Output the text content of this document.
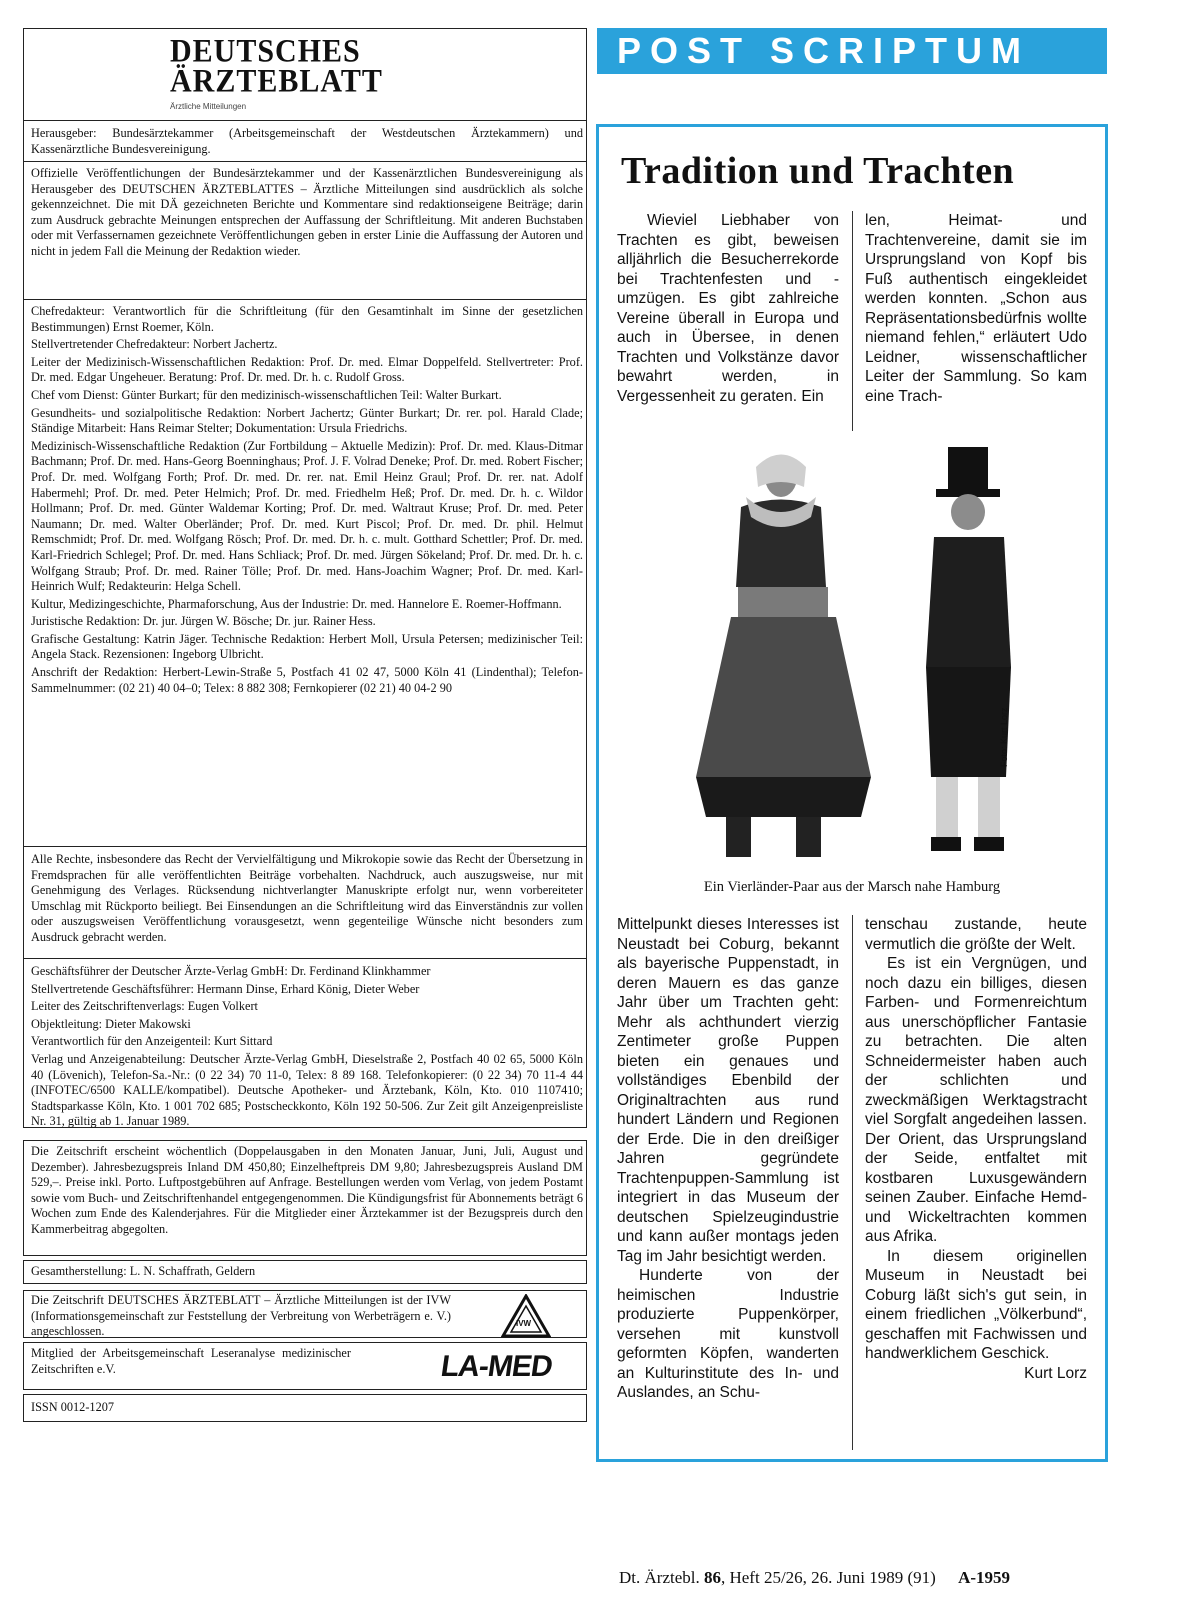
DEUTSCHES
ÄRZTEBLATT
Ärztliche Mitteilungen
Herausgeber: Bundesärztekammer (Arbeitsgemeinschaft der Westdeutschen Ärztekammern) und Kassenärztliche Bundesvereinigung.
Offizielle Veröffentlichungen der Bundesärztekammer und der Kassenärztlichen Bundesvereinigung als Herausgeber des DEUTSCHEN ÄRZTEBLATTES – Ärztliche Mitteilungen sind ausdrücklich als solche gekennzeichnet. Die mit DÄ gezeichneten Berichte und Kommentare sind redaktionseigene Beiträge; darin zum Ausdruck gebrachte Meinungen entsprechen der Auffassung der Schriftleitung. Mit anderen Buchstaben oder mit Verfassernamen gezeichnete Veröffentlichungen geben in erster Linie die Auffassung der Autoren und nicht in jedem Fall die Meinung der Redaktion wieder.

Chefredakteur: Verantwortlich für die Schriftleitung (für den Gesamtinhalt im Sinne der gesetzlichen Bestimmungen) Ernst Roemer, Köln.

Stellvertretender Chefredakteur: Norbert Jachertz.

Leiter der Medizinisch-Wissenschaftlichen Redaktion: Prof. Dr. med. Elmar Doppelfeld. Stellvertreter: Prof. Dr. med. Edgar Ungeheuer. Beratung: Prof. Dr. med. Dr. h. c. Rudolf Gross.

Chef vom Dienst: Günter Burkart; für den medizinisch-wissenschaftlichen Teil: Walter Burkart.

Gesundheits- und sozialpolitische Redaktion: Norbert Jachertz; Günter Burkart; Dr. rer. pol. Harald Clade; Ständige Mitarbeit: Hans Reimar Stelter; Dokumentation: Ursula Friedrichs.

Medizinisch-Wissenschaftliche Redaktion (Zur Fortbildung – Aktuelle Medizin): Prof. Dr. med. Klaus-Ditmar Bachmann; Prof. Dr. med. Hans-Georg Boenninghaus; Prof. J. F. Volrad Deneke; Prof. Dr. med. Robert Fischer; Prof. Dr. med. Wolfgang Forth; Prof. Dr. med. Dr. rer. nat. Emil Heinz Graul; Prof. Dr. rer. nat. Adolf Habermehl; Prof. Dr. med. Peter Helmich; Prof. Dr. med. Friedhelm Heß; Prof. Dr. med. Dr. h. c. Wildor Hollmann; Prof. Dr. med. Günter Waldemar Korting; Prof. Dr. med. Waltraut Kruse; Prof. Dr. med. Peter Naumann; Dr. med. Walter Oberländer; Prof. Dr. med. Kurt Piscol; Prof. Dr. med. Dr. phil. Helmut Remschmidt; Prof. Dr. med. Wolfgang Rösch; Prof. Dr. med. Dr. h. c. mult. Gotthard Schettler; Prof. Dr. med. Karl-Friedrich Schlegel; Prof. Dr. med. Hans Schliack; Prof. Dr. med. Jürgen Sökeland; Prof. Dr. med. Dr. h. c. Wolfgang Straub; Prof. Dr. med. Rainer Tölle; Prof. Dr. med. Hans-Joachim Wagner; Prof. Dr. med. Karl-Heinrich Wulf; Redakteurin: Helga Schell.

Kultur, Medizingeschichte, Pharmaforschung, Aus der Industrie: Dr. med. Hannelore E. Roemer-Hoffmann.

Juristische Redaktion: Dr. jur. Jürgen W. Bösche; Dr. jur. Rainer Hess.

Grafische Gestaltung: Katrin Jäger. Technische Redaktion: Herbert Moll, Ursula Petersen; medizinischer Teil: Angela Stack. Rezensionen: Ingeborg Ulbricht.

Anschrift der Redaktion: Herbert-Lewin-Straße 5, Postfach 41 02 47, 5000 Köln 41 (Lindenthal); Telefon-Sammelnummer: (02 21) 40 04–0; Telex: 8 882 308; Fernkopierer (02 21) 40 04-2 90

Alle Rechte, insbesondere das Recht der Vervielfältigung und Mikrokopie sowie das Recht der Übersetzung in Fremdsprachen für alle veröffentlichten Beiträge vorbehalten. Nachdruck, auch auszugsweise, nur mit Genehmigung des Verlages. Rücksendung nichtverlangter Manuskripte erfolgt nur, wenn vorbereiteter Umschlag mit Rückporto beiliegt. Bei Einsendungen an die Schriftleitung wird das Einverständnis zur vollen oder auszugsweisen Veröffentlichung vorausgesetzt, wenn gegenteilige Wünsche nicht besonders zum Ausdruck gebracht werden.

Geschäftsführer der Deutscher Ärzte-Verlag GmbH: Dr. Ferdinand Klinkhammer

Stellvertretende Geschäftsführer: Hermann Dinse, Erhard König, Dieter Weber

Leiter des Zeitschriftenverlags: Eugen Volkert

Objektleitung: Dieter Makowski

Verantwortlich für den Anzeigenteil: Kurt Sittard

Verlag und Anzeigenabteilung: Deutscher Ärzte-Verlag GmbH, Dieselstraße 2, Postfach 40 02 65, 5000 Köln 40 (Lövenich), Telefon-Sa.-Nr.: (0 22 34) 70 11-0, Telex: 8 89 168. Telefonkopierer: (0 22 34) 70 11-4 44 (INFOTEC/6500 KALLE/kompatibel). Deutsche Apotheker- und Ärztebank, Köln, Kto. 010 1107410; Stadtsparkasse Köln, Kto. 1 001 702 685; Postscheckkonto, Köln 192 50-506. Zur Zeit gilt Anzeigenpreisliste Nr. 31, gültig ab 1. Januar 1989.

Die Zeitschrift erscheint wöchentlich (Doppelausgaben in den Monaten Januar, Juni, Juli, August und Dezember). Jahresbezugspreis Inland DM 450,80; Einzelheftpreis DM 9,80; Jahresbezugspreis Ausland DM 529,–. Preise inkl. Porto. Luftpostgebühren auf Anfrage. Bestellungen werden vom Verlag, von jedem Postamt sowie vom Buch- und Zeitschriftenhandel entgegengenommen. Die Kündigungsfrist für Abonnements beträgt 6 Wochen zum Ende des Kalenderjahres. Für die Mitglieder einer Ärztekammer ist der Bezugspreis durch den Kammerbeitrag abgegolten.
Gesamtherstellung: L. N. Schaffrath, Geldern
Die Zeitschrift DEUTSCHES ÄRZTEBLATT – Ärztliche Mitteilungen ist der IVW (Informationsgemeinschaft zur Feststellung der Verbreitung von Werbeträgern e. V.) angeschlossen.
IVW
Mitglied der Arbeitsgemeinschaft Leseranalyse medizinischer Zeitschriften e.V.	LA-MED
ISSN 0012-1207
POST SCRIPTUM
Tradition und Trachten

Wieviel Liebhaber von Trachten es gibt, beweisen alljährlich die Besucherrekorde bei Trachtenfesten und -umzügen. Es gibt zahlreiche Vereine überall in Europa und auch in Übersee, in denen Trachten und Volkstänze davor bewahrt werden, in Vergessenheit zu geraten. Ein

len, Heimat- und Trachtenvereine, damit sie im Ursprungsland von Kopf bis Fuß authentisch eingekleidet werden konnten. „Schon aus Repräsentationsbedürfnis wollte niemand fehlen,“ erläutert Udo Leidner, wissenschaftlicher Leiter der Sammlung. So kam eine Trach-

Foto: Kurt Lorz
Ein Vierländer-Paar aus der Marsch nahe Hamburg

Mittelpunkt dieses Interesses ist Neustadt bei Coburg, bekannt als bayerische Puppenstadt, in deren Mauern es das ganze Jahr über um Trachten geht: Mehr als achthundert vierzig Zentimeter große Puppen bieten ein genaues und vollständiges Ebenbild der Originaltrachten aus rund hundert Ländern und Regionen der Erde. Die in den dreißiger Jahren gegründete Trachtenpuppen-Sammlung ist integriert in das Museum der deutschen Spielzeugindustrie und kann außer montags jeden Tag im Jahr besichtigt werden.

Hunderte von der heimischen Industrie produzierte Puppenkörper, versehen mit kunstvoll geformten Köpfen, wanderten an Kulturinstitute des In- und Auslandes, an Schu-

tenschau zustande, heute vermutlich die größte der Welt.

Es ist ein Vergnügen, und noch dazu ein billiges, diesen Farben- und Formenreichtum aus unerschöpflicher Fantasie zu betrachten. Die alten Schneidermeister haben auch der schlichten und zweckmäßigen Werktagstracht viel Sorgfalt angedeihen lassen. Der Orient, das Ursprungsland der Seide, entfaltet mit kostbaren Luxusgewändern seinen Zauber. Einfache Hemd- und Wickeltrachten kommen aus Afrika.

In diesem originellen Museum in Neustadt bei Coburg läßt sich's gut sein, in einem friedlichen „Völkerbund“, geschaffen mit Fachwissen und handwerklichem Geschick.

Kurt Lorz

Dt. Ärztebl. 86, Heft 25/26, 26. Juni 1989 (91) A-1959
